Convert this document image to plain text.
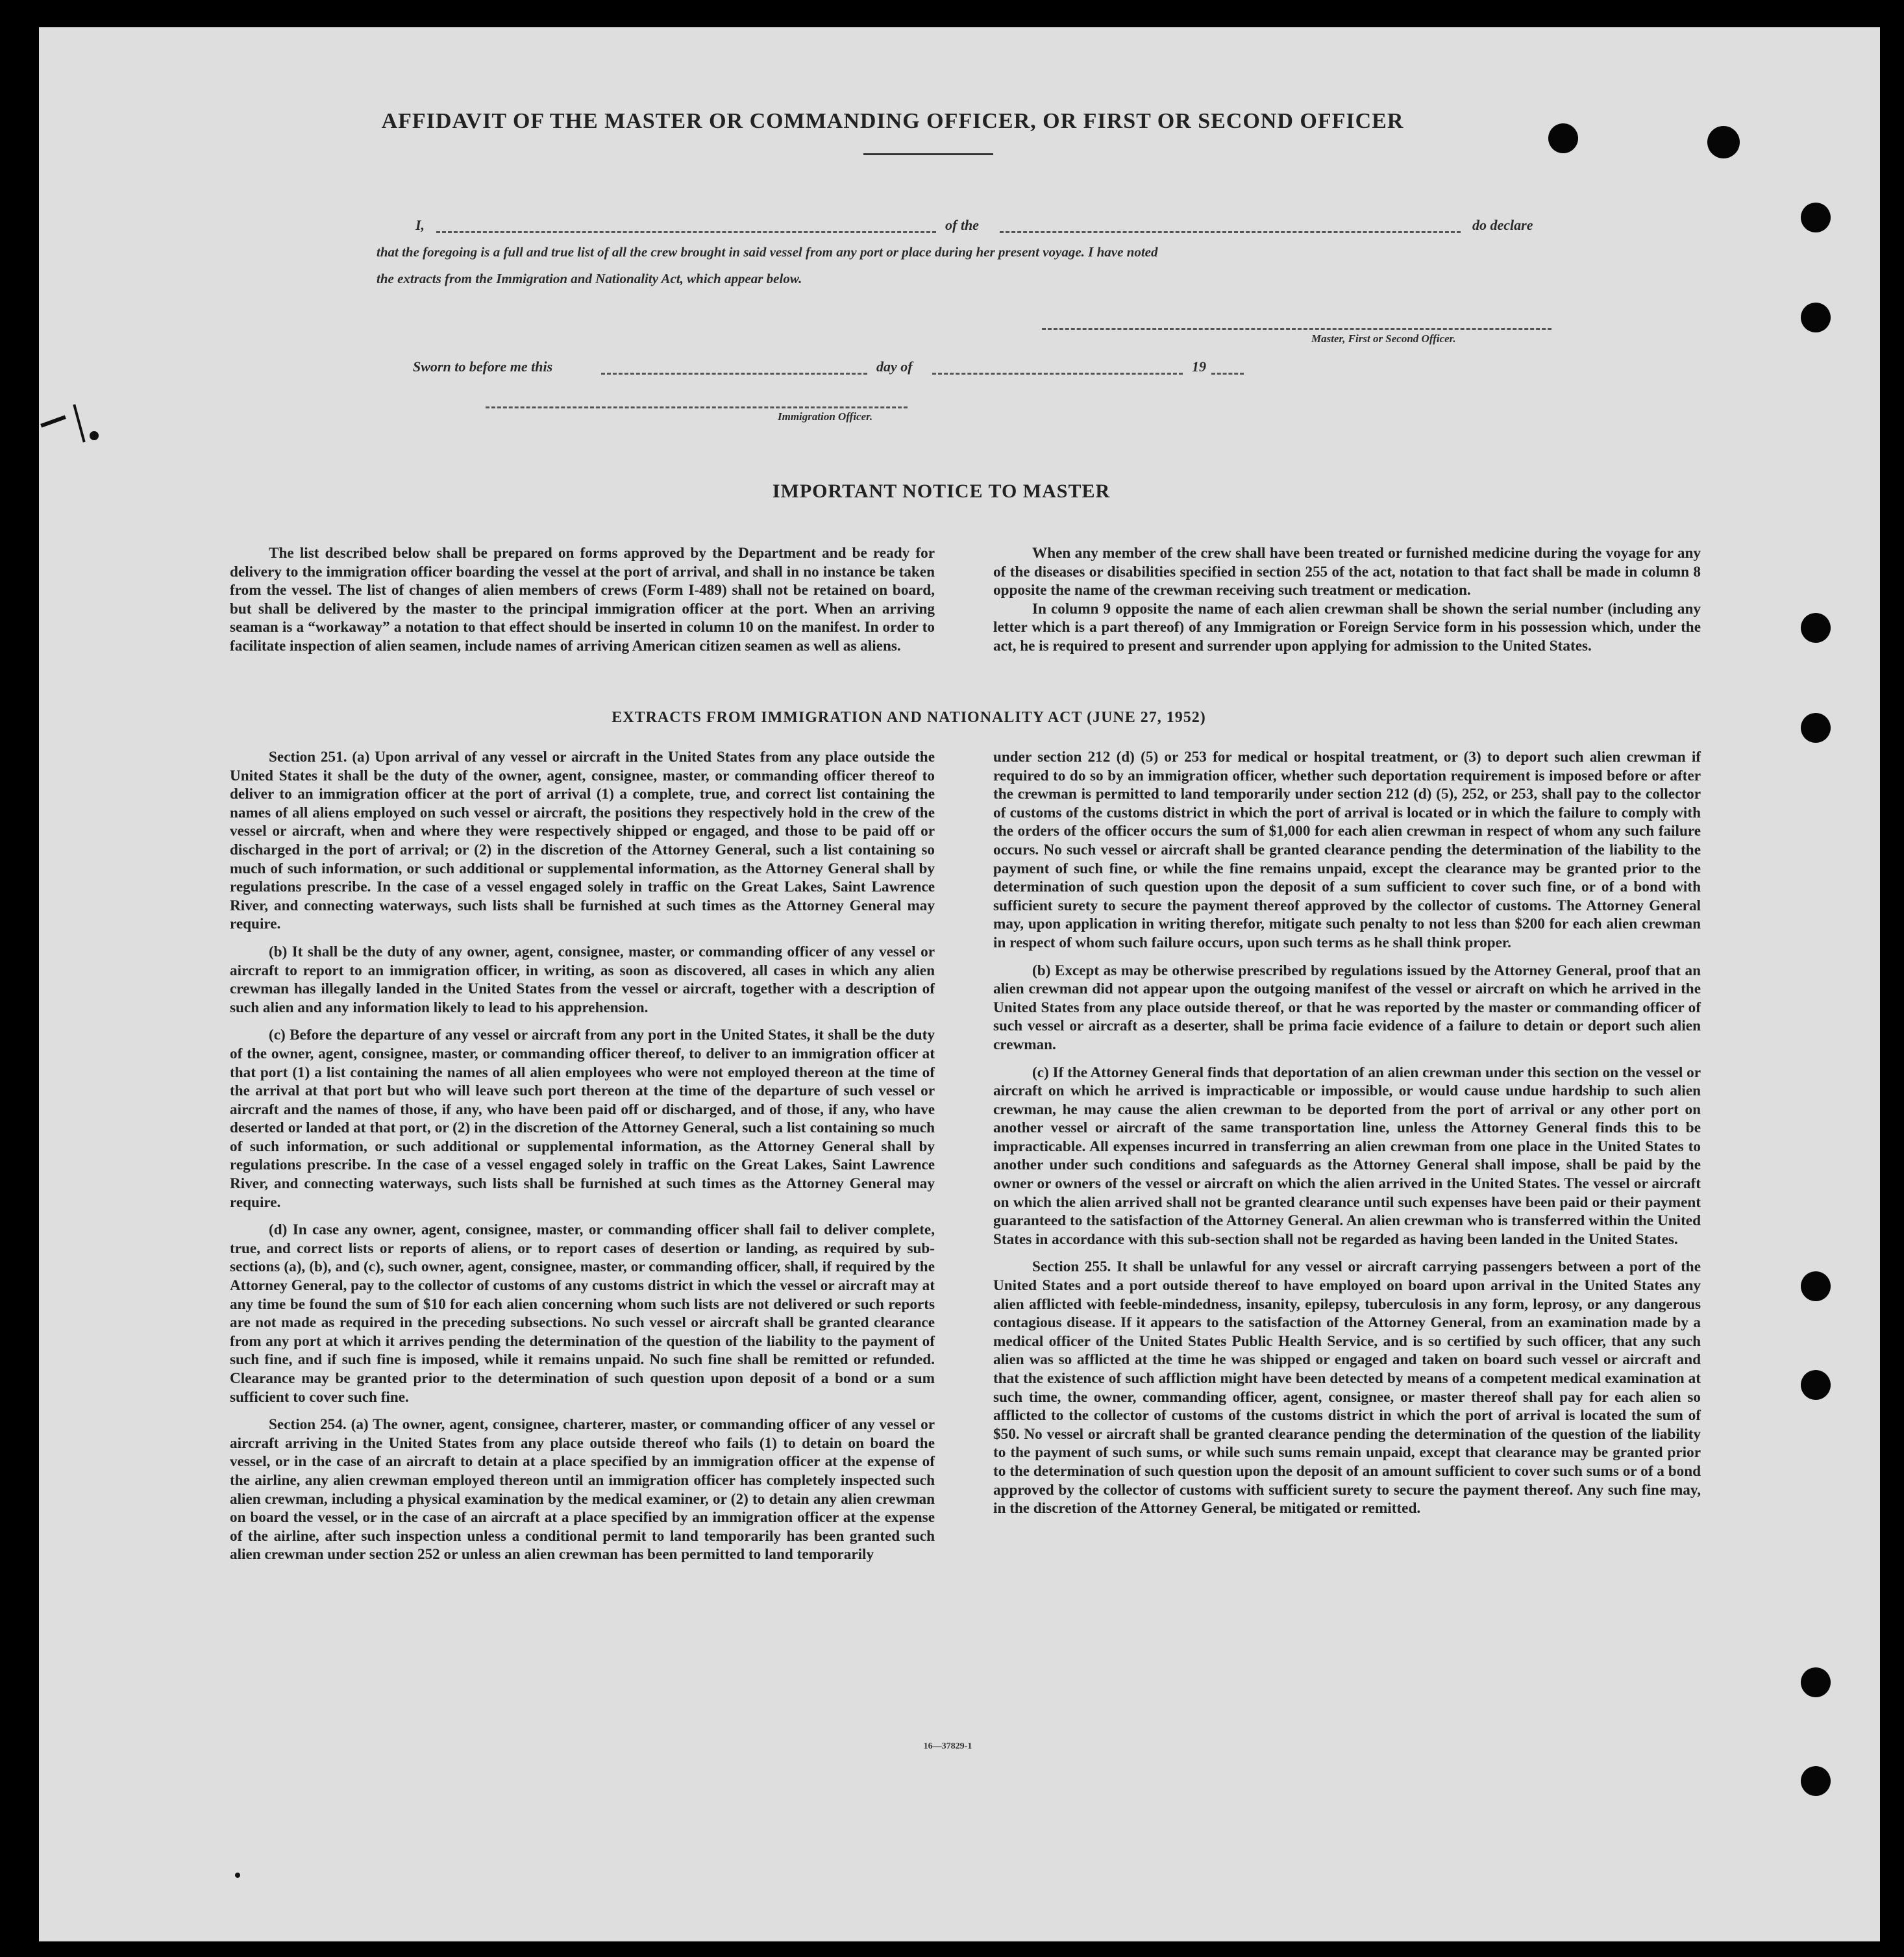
AFFIDAVIT OF THE MASTER OR COMMANDING OFFICER, OR FIRST OR SECOND OFFICER
I,	of the	do declare
that the foregoing is a full and true list of all the crew brought in said vessel from any port or place during her present voyage. I have noted
the extracts from the Immigration and Nationality Act, which appear below.
Master, First or Second Officer.
Sworn to before me this	day of	19
Immigration Officer.
IMPORTANT NOTICE TO MASTER

The list described below shall be prepared on forms approved by the Department and be ready for delivery to the immigration officer boarding the vessel at the port of arrival, and shall in no instance be taken from the vessel. The list of changes of alien members of crews (Form I-489) shall not be retained on board, but shall be delivered by the master to the principal immigration officer at the port. When an arriving seaman is a “workaway” a notation to that effect should be inserted in column 10 on the manifest. In order to facilitate inspection of alien seamen, include names of arriving American citizen seamen as well as aliens.

When any member of the crew shall have been treated or furnished medicine during the voyage for any of the diseases or disabilities specified in section 255 of the act, notation to that fact shall be made in column 8 opposite the name of the crewman receiving such treatment or medication.

In column 9 opposite the name of each alien crewman shall be shown the serial number (including any letter which is a part thereof) of any Immigration or Foreign Service form in his possession which, under the act, he is required to present and surrender upon applying for admission to the United States.

EXTRACTS FROM IMMIGRATION AND NATIONALITY ACT (JUNE 27, 1952)

Section 251. (a) Upon arrival of any vessel or aircraft in the United States from any place outside the United States it shall be the duty of the owner, agent, consignee, master, or commanding officer thereof to deliver to an immigration officer at the port of arrival (1) a complete, true, and correct list containing the names of all aliens employed on such vessel or aircraft, the positions they respectively hold in the crew of the vessel or aircraft, when and where they were respectively shipped or engaged, and those to be paid off or discharged in the port of arrival; or (2) in the discretion of the Attorney General, such a list containing so much of such information, or such additional or supplemental information, as the Attorney General shall by regulations prescribe. In the case of a vessel engaged solely in traffic on the Great Lakes, Saint Lawrence River, and connecting waterways, such lists shall be furnished at such times as the Attorney General may require.

(b) It shall be the duty of any owner, agent, consignee, master, or commanding officer of any vessel or aircraft to report to an immigration officer, in writing, as soon as discovered, all cases in which any alien crewman has illegally landed in the United States from the vessel or aircraft, together with a description of such alien and any information likely to lead to his apprehension.

(c) Before the departure of any vessel or aircraft from any port in the United States, it shall be the duty of the owner, agent, consignee, master, or commanding officer thereof, to deliver to an immigration officer at that port (1) a list containing the names of all alien employees who were not employed thereon at the time of the arrival at that port but who will leave such port thereon at the time of the departure of such vessel or aircraft and the names of those, if any, who have been paid off or discharged, and of those, if any, who have deserted or landed at that port, or (2) in the discretion of the Attorney General, such a list containing so much of such information, or such additional or supplemental information, as the Attorney General shall by regulations prescribe. In the case of a vessel engaged solely in traffic on the Great Lakes, Saint Lawrence River, and connecting waterways, such lists shall be furnished at such times as the Attorney General may require.

(d) In case any owner, agent, consignee, master, or commanding officer shall fail to deliver complete, true, and correct lists or reports of aliens, or to report cases of desertion or landing, as required by sub-sections (a), (b), and (c), such owner, agent, consignee, master, or commanding officer, shall, if required by the Attorney General, pay to the collector of customs of any customs district in which the vessel or aircraft may at any time be found the sum of $10 for each alien concerning whom such lists are not delivered or such reports are not made as required in the preceding subsections. No such vessel or aircraft shall be granted clearance from any port at which it arrives pending the determination of the question of the liability to the payment of such fine, and if such fine is imposed, while it remains unpaid. No such fine shall be remitted or refunded. Clearance may be granted prior to the determination of such question upon deposit of a bond or a sum sufficient to cover such fine.

Section 254. (a) The owner, agent, consignee, charterer, master, or commanding officer of any vessel or aircraft arriving in the United States from any place outside thereof who fails (1) to detain on board the vessel, or in the case of an aircraft to detain at a place specified by an immigration officer at the expense of the airline, any alien crewman employed thereon until an immigration officer has completely inspected such alien crewman, including a physical examination by the medical examiner, or (2) to detain any alien crewman on board the vessel, or in the case of an aircraft at a place specified by an immigration officer at the expense of the airline, after such inspection unless a conditional permit to land temporarily has been granted such alien crewman under section 252 or unless an alien crewman has been permitted to land temporarily

under section 212 (d) (5) or 253 for medical or hospital treatment, or (3) to deport such alien crewman if required to do so by an immigration officer, whether such deportation requirement is imposed before or after the crewman is permitted to land temporarily under section 212 (d) (5), 252, or 253, shall pay to the collector of customs of the customs district in which the port of arrival is located or in which the failure to comply with the orders of the officer occurs the sum of $1,000 for each alien crewman in respect of whom any such failure occurs. No such vessel or aircraft shall be granted clearance pending the determination of the liability to the payment of such fine, or while the fine remains unpaid, except the clearance may be granted prior to the determination of such question upon the deposit of a sum sufficient to cover such fine, or of a bond with sufficient surety to secure the payment thereof approved by the collector of customs. The Attorney General may, upon application in writing therefor, mitigate such penalty to not less than $200 for each alien crewman in respect of whom such failure occurs, upon such terms as he shall think proper.

(b) Except as may be otherwise prescribed by regulations issued by the Attorney General, proof that an alien crewman did not appear upon the outgoing manifest of the vessel or aircraft on which he arrived in the United States from any place outside thereof, or that he was reported by the master or commanding officer of such vessel or aircraft as a deserter, shall be prima facie evidence of a failure to detain or deport such alien crewman.

(c) If the Attorney General finds that deportation of an alien crewman under this section on the vessel or aircraft on which he arrived is impracticable or impossible, or would cause undue hardship to such alien crewman, he may cause the alien crewman to be deported from the port of arrival or any other port on another vessel or aircraft of the same transportation line, unless the Attorney General finds this to be impracticable. All expenses incurred in transferring an alien crewman from one place in the United States to another under such conditions and safeguards as the Attorney General shall impose, shall be paid by the owner or owners of the vessel or aircraft on which the alien arrived in the United States. The vessel or aircraft on which the alien arrived shall not be granted clearance until such expenses have been paid or their payment guaranteed to the satisfaction of the Attorney General. An alien crewman who is transferred within the United States in accordance with this sub-section shall not be regarded as having been landed in the United States.

Section 255. It shall be unlawful for any vessel or aircraft carrying passengers between a port of the United States and a port outside thereof to have employed on board upon arrival in the United States any alien afflicted with feeble-mindedness, insanity, epilepsy, tuberculosis in any form, leprosy, or any dangerous contagious disease. If it appears to the satisfaction of the Attorney General, from an examination made by a medical officer of the United States Public Health Service, and is so certified by such officer, that any such alien was so afflicted at the time he was shipped or engaged and taken on board such vessel or aircraft and that the existence of such affliction might have been detected by means of a competent medical examination at such time, the owner, commanding officer, agent, consignee, or master thereof shall pay for each alien so afflicted to the collector of customs of the customs district in which the port of arrival is located the sum of $50. No vessel or aircraft shall be granted clearance pending the determination of the question of the liability to the payment of such sums, or while such sums remain unpaid, except that clearance may be granted prior to the determination of such question upon the deposit of an amount sufficient to cover such sums or of a bond approved by the collector of customs with sufficient surety to secure the payment thereof. Any such fine may, in the discretion of the Attorney General, be mitigated or remitted.

16—37829-1
